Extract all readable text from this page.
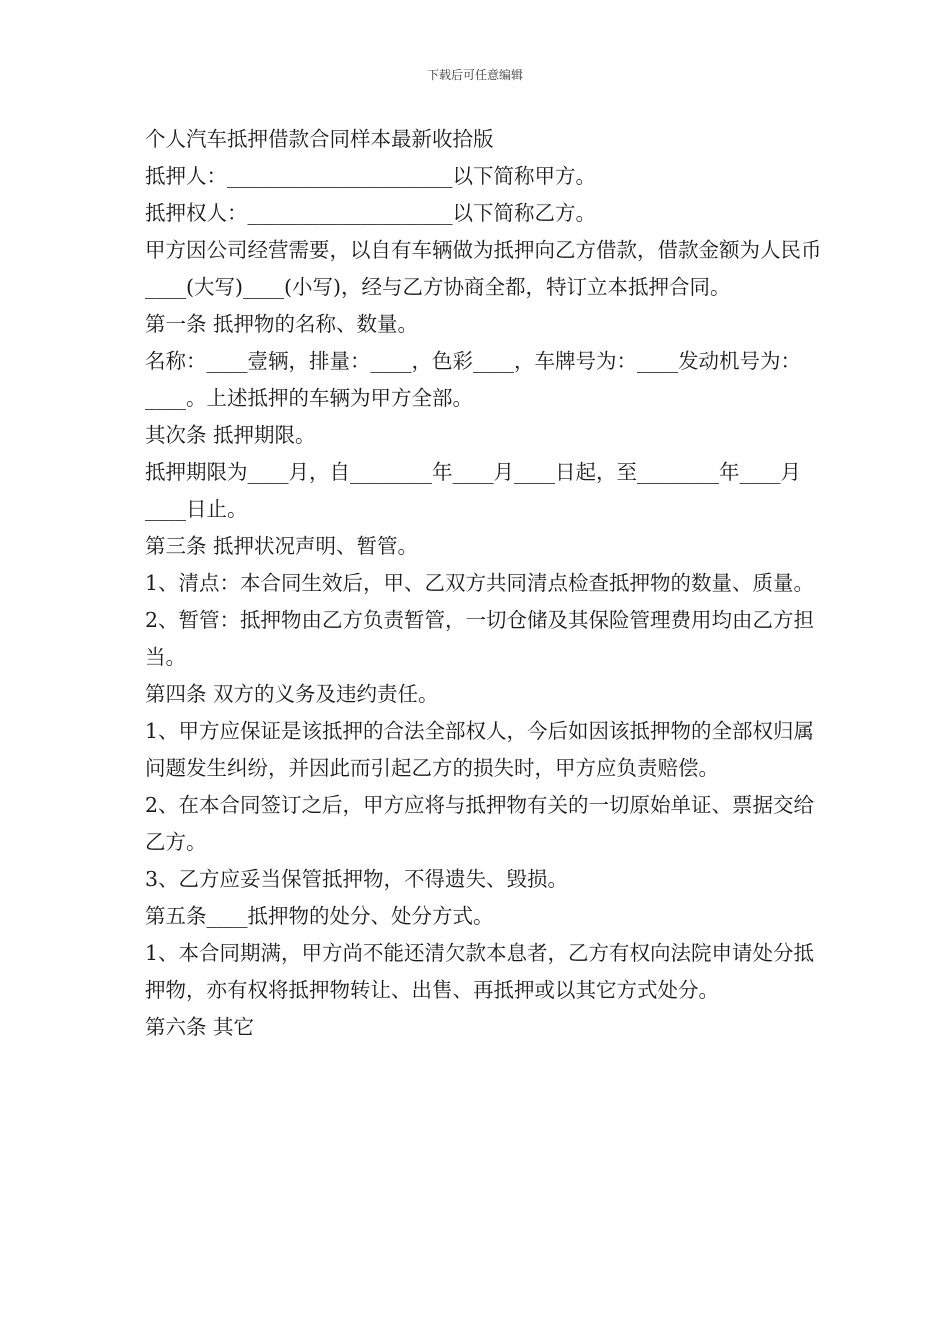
下载后可任意编辑

个人汽车抵押借款合同样本最新收拾版

抵押人：______________________以下简称甲方。

抵押权人：____________________以下简称乙方。

甲方因公司经营需要，以自有车辆做为抵押向乙方借款，借款金额为人民币____(大写)____(小写)，经与乙方协商全都，特订立本抵押合同。

第一条 抵押物的名称、数量。

名称：____壹辆，排量：____，色彩____，车牌号为：____发动机号为：____。上述抵押的车辆为甲方全部。

其次条 抵押期限。

抵押期限为____月，自________年____月____日起，至________年____月____日止。

第三条 抵押状况声明、暂管。

1、清点：本合同生效后，甲、乙双方共同清点检查抵押物的数量、质量。

2、暂管：抵押物由乙方负责暂管，一切仓储及其保险管理费用均由乙方担当。

第四条 双方的义务及违约责任。

1、甲方应保证是该抵押的合法全部权人，今后如因该抵押物的全部权归属问题发生纠纷，并因此而引起乙方的损失时，甲方应负责赔偿。

2、在本合同签订之后，甲方应将与抵押物有关的一切原始单证、票据交给乙方。

3、乙方应妥当保管抵押物，不得遗失、毁损。

第五条____抵押物的处分、处分方式。

1、本合同期满，甲方尚不能还清欠款本息者，乙方有权向法院申请处分抵押物，亦有权将抵押物转让、出售、再抵押或以其它方式处分。

第六条 其它
